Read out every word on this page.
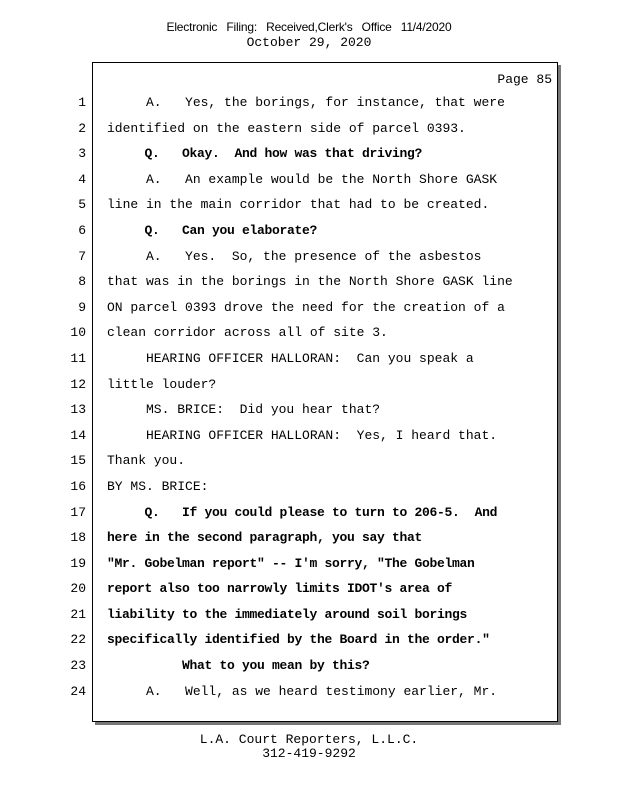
Electronic Filing: Received,Clerk's Office 11/4/2020
October 29, 2020
Page 85
1 A.   Yes, the borings, for instance, that were
2 identified on the eastern side of parcel 0393.
3 Q.   Okay.  And how was that driving?
4 A.   An example would be the North Shore GASK
5 line in the main corridor that had to be created.
6 Q.   Can you elaborate?
7 A.   Yes.  So, the presence of the asbestos
8 that was in the borings in the North Shore GASK line
9 ON parcel 0393 drove the need for the creation of a
10 clean corridor across all of site 3.
11 HEARING OFFICER HALLORAN:  Can you speak a
12 little louder?
13 MS. BRICE:  Did you hear that?
14 HEARING OFFICER HALLORAN:  Yes, I heard that.
15 Thank you.
16 BY MS. BRICE:
17 Q.   If you could please to turn to 206-5.  And
18 here in the second paragraph, you say that
19 "Mr. Gobelman report" -- I'm sorry, "The Gobelman
20 report also too narrowly limits IDOT's area of
21 liability to the immediately around soil borings
22 specifically identified by the Board in the order."
23 What to you mean by this?
24 A.   Well, as we heard testimony earlier, Mr.
L.A. Court Reporters, L.L.C.
312-419-9292
